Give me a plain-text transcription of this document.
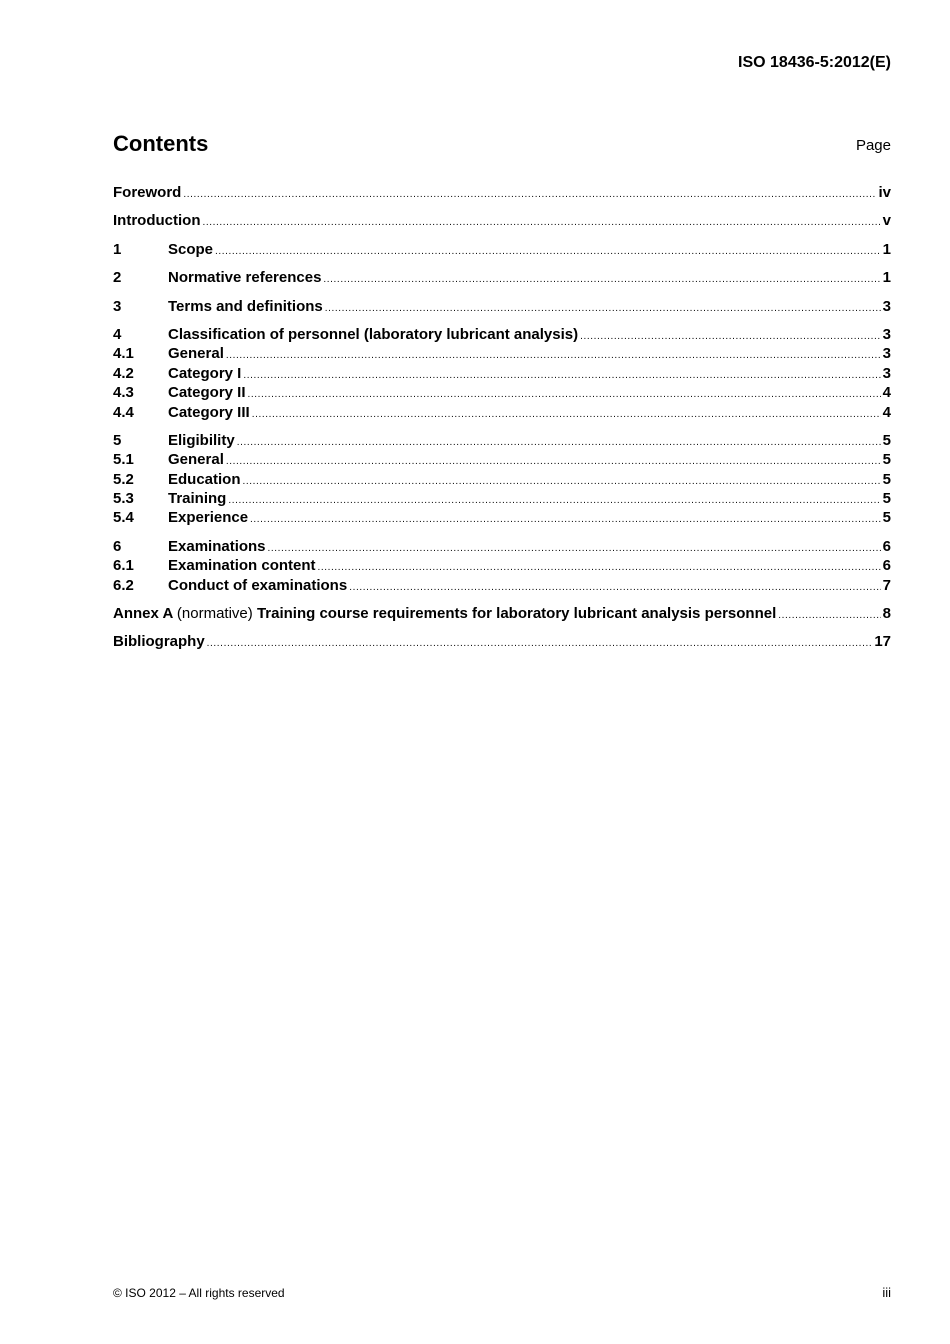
ISO 18436-5:2012(E)
Contents	Page
Foreword .....	iv
Introduction .....	v
1	Scope .....	1
2	Normative references .....	1
3	Terms and definitions .....	3
4	Classification of personnel (laboratory lubricant analysis) .....	3
4.1	General .....	3
4.2	Category I .....	3
4.3	Category II .....	4
4.4	Category III .....	4
5	Eligibility .....	5
5.1	General .....	5
5.2	Education .....	5
5.3	Training .....	5
5.4	Experience .....	5
6	Examinations .....	6
6.1	Examination content .....	6
6.2	Conduct of examinations .....	7
Annex A (normative) Training course requirements for laboratory lubricant analysis personnel .....	8
Bibliography .....	17
© ISO 2012 – All rights reserved	iii
